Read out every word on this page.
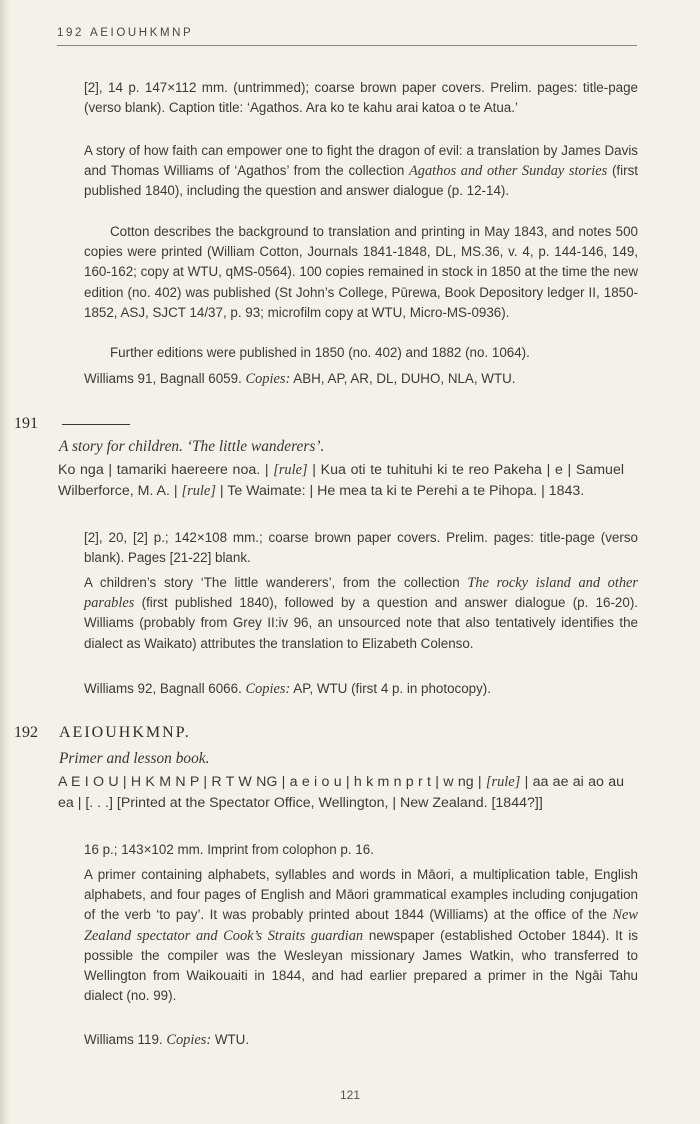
192 AEIOUHKMNP

[2], 14 p. 147×112 mm. (untrimmed); coarse brown paper covers. Prelim. pages: title-page (verso blank). Caption title: ‘Agathos. Ara ko te kahu arai katoa o te Atua.’

A story of how faith can empower one to fight the dragon of evil: a translation by James Davis and Thomas Williams of ‘Agathos’ from the collection Agathos and other Sunday stories (first published 1840), including the question and answer dialogue (p. 12-14).

Cotton describes the background to translation and printing in May 1843, and notes 500 copies were printed (William Cotton, Journals 1841-1848, DL, MS.36, v. 4, p. 144-146, 149, 160-162; copy at WTU, qMS-0564). 100 copies remained in stock in 1850 at the time the new edition (no. 402) was published (St John’s College, Pūrewa, Book Depository ledger II, 1850-1852, ASJ, SJCT 14/37, p. 93; microfilm copy at WTU, Micro-MS-0936).

Further editions were published in 1850 (no. 402) and 1882 (no. 1064).

Williams 91, Bagnall 6059. Copies: ABH, AP, AR, DL, DUHO, NLA, WTU.

191
A story for children. ‘The little wanderers’.

Ko nga | tamariki haereere noa. | [rule] | Kua oti te tuhituhi ki te reo Pakeha | e | Samuel Wilberforce, M. A. | [rule] | Te Waimate: | He mea ta ki te Perehi a te Pihopa. | 1843.

[2], 20, [2] p.; 142×108 mm.; coarse brown paper covers. Prelim. pages: title-page (verso blank). Pages [21-22] blank.

A children’s story ‘The little wanderers’, from the collection The rocky island and other parables (first published 1840), followed by a question and answer dialogue (p. 16-20). Williams (probably from Grey II:iv 96, an unsourced note that also tentatively identifies the dialect as Waikato) attributes the translation to Elizabeth Colenso.

Williams 92, Bagnall 6066. Copies: AP, WTU (first 4 p. in photocopy).

192 AEIOUHKMNP.
Primer and lesson book.

A E I O U | H K M N P | R T W NG | a e i o u | h k m n p r t | w ng | [rule] | aa ae ai ao au ea | [. . .] [Printed at the Spectator Office, Wellington, | New Zealand. [1844?]]

16 p.; 143×102 mm. Imprint from colophon p. 16.

A primer containing alphabets, syllables and words in Māori, a multiplication table, English alphabets, and four pages of English and Māori grammatical examples including conjugation of the verb ‘to pay’. It was probably printed about 1844 (Williams) at the office of the New Zealand spectator and Cook’s Straits guardian newspaper (established October 1844). It is possible the compiler was the Wesleyan missionary James Watkin, who transferred to Wellington from Waikouaiti in 1844, and had earlier prepared a primer in the Ngāi Tahu dialect (no. 99).

Williams 119. Copies: WTU.

121
